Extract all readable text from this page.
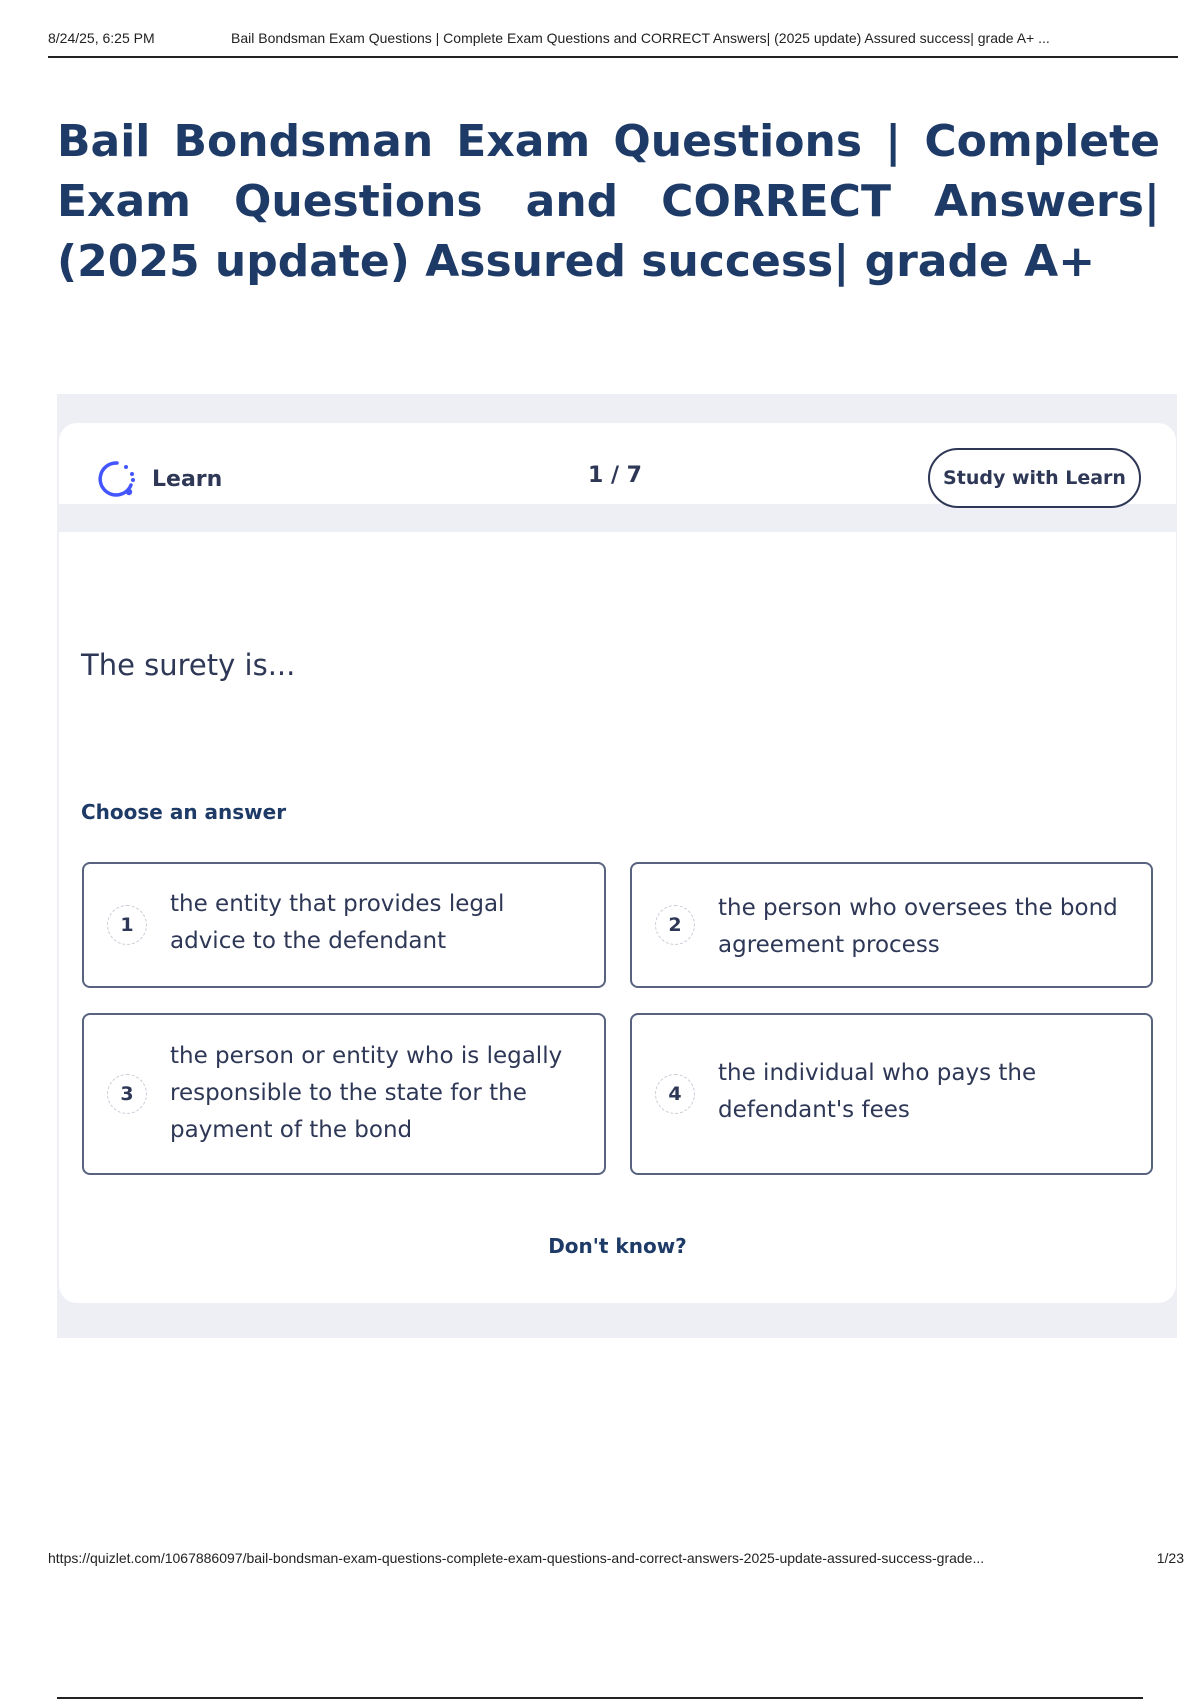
8/24/25, 6:25 PM	Bail Bondsman Exam Questions | Complete Exam Questions and CORRECT Answers| (2025 update) Assured success| grade A+ ...
Bail Bondsman Exam Questions | Complete Exam Questions and CORRECT Answers| (2025 update) Assured success| grade A+
Learn	1 / 7	Study with Learn
The surety is...
Choose an answer
1
the entity that provides legal advice to the defendant
2
the person who oversees the bond agreement process
3
the person or entity who is legally responsible to the state for the payment of the bond
4
the individual who pays the defendant's fees
Don't know?
https://quizlet.com/1067886097/bail-bondsman-exam-questions-complete-exam-questions-and-correct-answers-2025-update-assured-success-grade...	1/23
